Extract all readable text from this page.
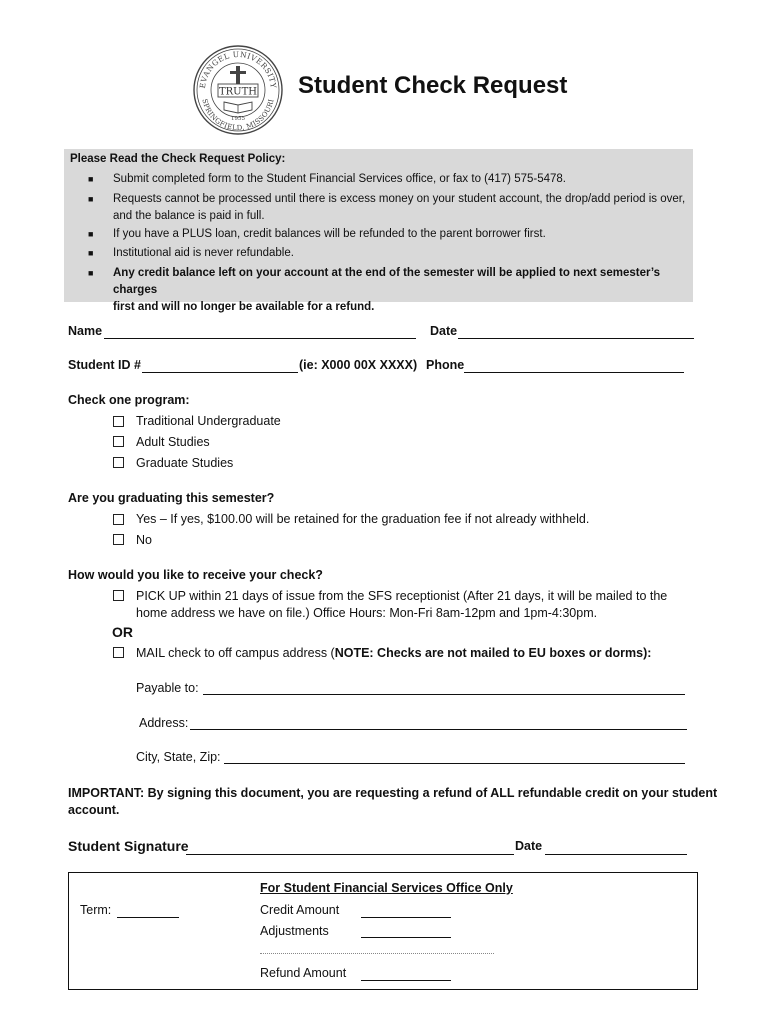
EVANGEL UNIVERSITY
SPRINGFIELD, MISSOURI
TRUTH
1955
Student Check Request
Please Read the Check Request Policy:
■ Submit completed form to the Student Financial Services office, or fax to (417) 575-5478.
■ Requests cannot be processed until there is excess money on your student account, the drop/add period is over,
and the balance is paid in full.
■ If you have a PLUS loan, credit balances will be refunded to the parent borrower first.
■ Institutional aid is never refundable.
■ Any credit balance left on your account at the end of the semester will be applied to next semester’s charges
first and will no longer be available for a refund.
Name	Date
Student ID #	(ie: X000 00X XXXX) Phone
Check one program:
Traditional Undergraduate
Adult Studies
Graduate Studies
Are you graduating this semester?
Yes – If yes, $100.00 will be retained for the graduation fee if not already withheld.
No
How would you like to receive your check?
PICK UP within 21 days of issue from the SFS receptionist (After 21 days, it will be mailed to the
home address we have on file.) Office Hours: Mon-Fri 8am-12pm and 1pm-4:30pm.
OR
MAIL check to off campus address (NOTE: Checks are not mailed to EU boxes or dorms):
Payable to:
Address:
City, State, Zip:
IMPORTANT: By signing this document, you are requesting a refund of ALL refundable credit on your student
account.
Student Signature	Date
For Student Financial Services Office Only
Term:	Credit Amount
Adjustments
Refund Amount
